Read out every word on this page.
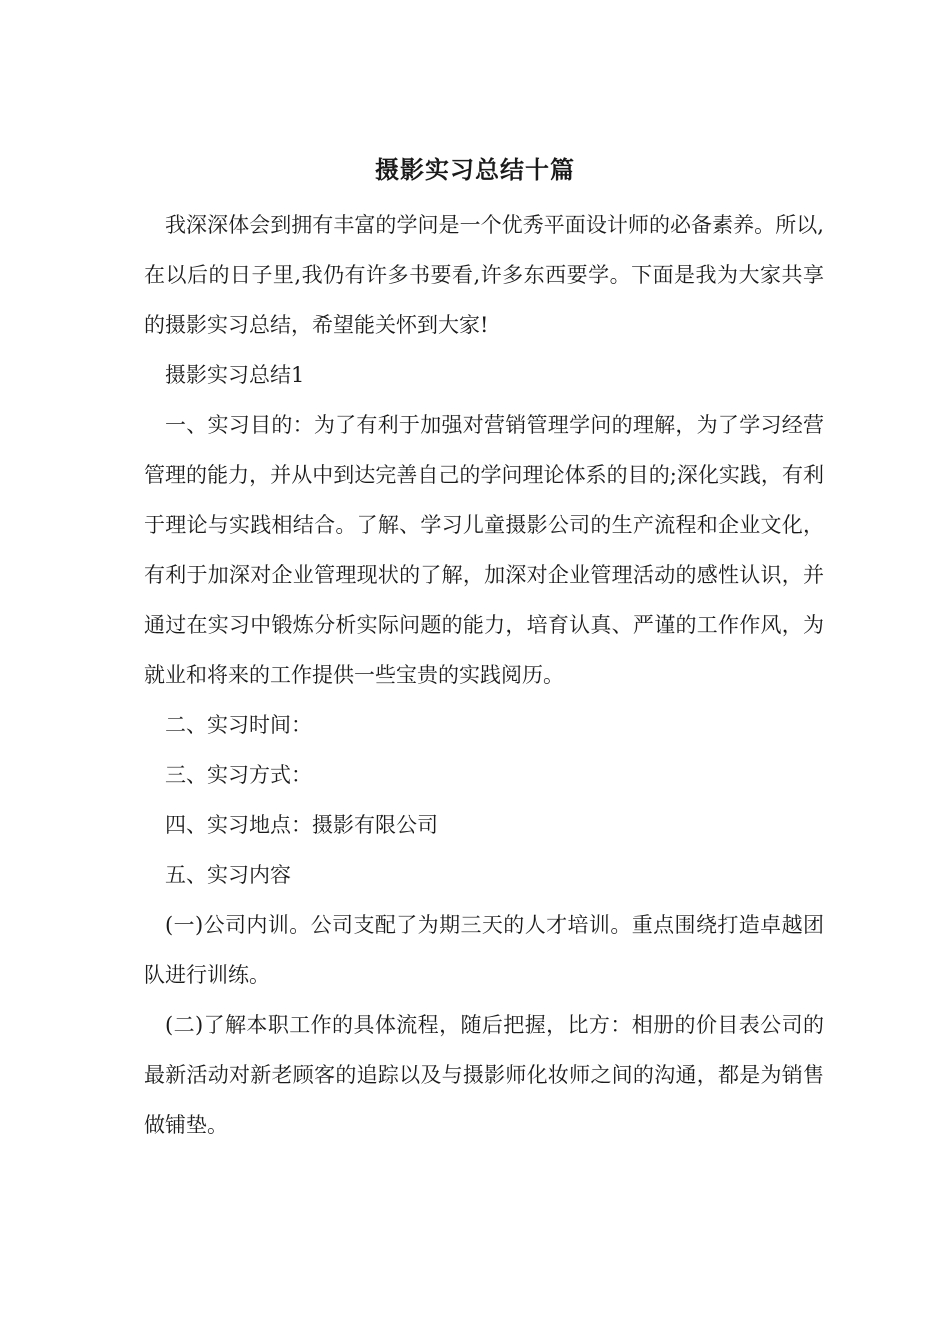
摄影实习总结十篇

我深深体会到拥有丰富的学问是一个优秀平面设计师的必备素养。所以,在以后的日子里,我仍有许多书要看,许多东西要学。下面是我为大家共享的摄影实习总结，希望能关怀到大家!

摄影实习总结1

一、实习目的：为了有利于加强对营销管理学问的理解，为了学习经营管理的能力，并从中到达完善自己的学问理论体系的目的;深化实践，有利于理论与实践相结合。了解、学习儿童摄影公司的生产流程和企业文化，有利于加深对企业管理现状的了解，加深对企业管理活动的感性认识，并通过在实习中锻炼分析实际问题的能力，培育认真、严谨的工作作风，为就业和将来的工作提供一些宝贵的实践阅历。

二、实习时间：

三、实习方式：

四、实习地点：摄影有限公司

五、实习内容

(一)公司内训。公司支配了为期三天的人才培训。重点围绕打造卓越团队进行训练。

(二)了解本职工作的具体流程，随后把握，比方：相册的价目表公司的最新活动对新老顾客的追踪以及与摄影师化妆师之间的沟通，都是为销售做铺垫。
